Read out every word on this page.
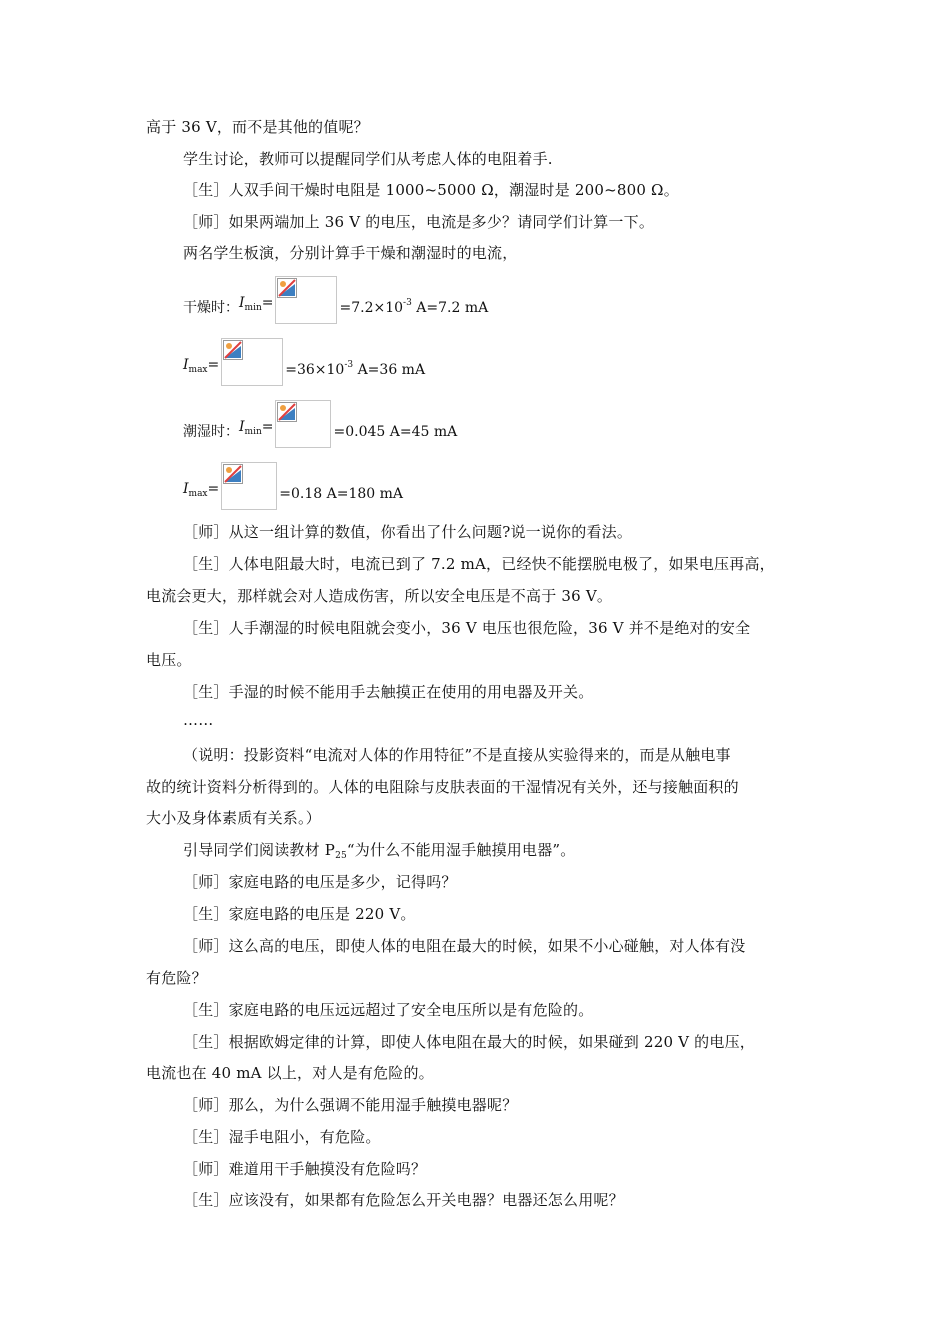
高于 36 V，而不是其他的值呢？
学生讨论，教师可以提醒同学们从考虑人体的电阻着手.
［生］人双手间干燥时电阻是 1000~5000 Ω，潮湿时是 200~800 Ω。
［师］如果两端加上 36 V 的电压，电流是多少？请同学们计算一下。
两名学生板演，分别计算手干燥和潮湿时的电流，
干燥时： $I_{min}=$	$=7.2\times 10^{-3}$ A=7.2 mA
$I_{max}=$	$=36\times 10^{-3}$ A=36 mA
潮湿时： $I_{min}=$	=0.045 A=45 mA
$I_{max}=$	=0.18 A=180 mA
［师］从这一组计算的数值，你看出了什么问题?说一说你的看法。
［生］人体电阻最大时，电流已到了 7.2 mA，已经快不能摆脱电极了，如果电压再高，
电流会更大，那样就会对人造成伤害，所以安全电压是不高于 36 V。
［生］人手潮湿的时候电阻就会变小，36 V 电压也很危险，36 V 并不是绝对的安全
电压。
［生］手湿的时候不能用手去触摸正在使用的用电器及开关。
……
（说明：投影资料“电流对人体的作用特征”不是直接从实验得来的，而是从触电事
故的统计资料分析得到的。人体的电阻除与皮肤表面的干湿情况有关外，还与接触面积的
大小及身体素质有关系。）
引导同学们阅读教材 $P_{25}“$为什么不能用湿手触摸用电器”。
［师］家庭电路的电压是多少，记得吗？
［生］家庭电路的电压是 220 V。
［师］这么高的电压，即使人体的电阻在最大的时候，如果不小心碰触，对人体有没
有危险？
［生］家庭电路的电压远远超过了安全电压所以是有危险的。
［生］根据欧姆定律的计算，即使人体电阻在最大的时候，如果碰到 220 V 的电压，
电流也在 40 mA 以上，对人是有危险的。
［师］那么，为什么强调不能用湿手触摸电器呢？
［生］湿手电阻小，有危险。
［师］难道用干手触摸没有危险吗？
［生］应该没有，如果都有危险怎么开关电器？电器还怎么用呢？
